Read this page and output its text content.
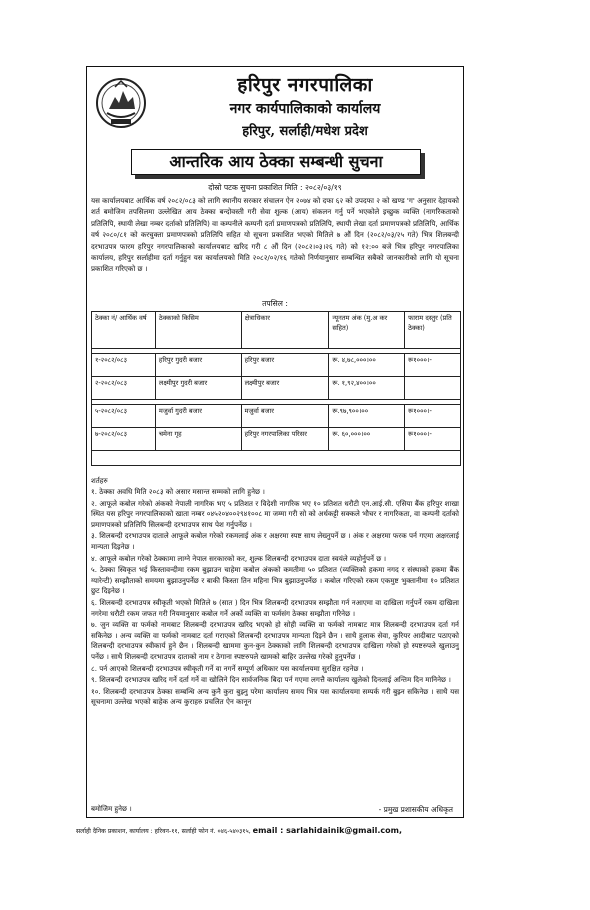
हरिपुर नगरपालिका
नगर कार्यपालिकाको कार्यालय
हरिपुर, सर्लाही/मधेश प्रदेश
आन्तरिक आय ठेक्का सम्बन्धी सुचना
दोस्रो पटक सुचना प्रकाशित मिति : २०८२/०३/१९
यस कार्यालयबाट आर्थिक वर्ष २०८२/०८३ को लागि स्थानीय सरकार संचालन ऐन २०७४ को दफा ६२ को उपदफा २ को खण्ड 'ग' अनुसार देहायको शर्त बमोजिम तपसिलमा उल्लेखित आय ठेक्का बन्दोवस्ती गरी सेवा शुल्क (आय) संकलन गर्नु पर्ने भएकोले इच्छुक व्यक्ति (नागरिकताको प्रतिलिपि, स्थायी लेखा नम्बर दर्ताको प्रतिलिपि) वा कम्पनीले कम्पनी दर्ता प्रमाणपत्रको प्रतिलिपि, स्थायी लेखा दर्ता प्रमाणपत्रको प्रतिलिपि, आर्थिक वर्ष २०८०/८१ को करचुक्ता प्रमाणपत्रको प्रतिलिपि सहित यो सूचना प्रकाशित भएको मितिले ७ औं दिन (२०८२/०३/२५ गते) भित्र शिलबन्दी दरभाउपत्र फारम हरिपुर नगरपालिकाको कार्यालयबाट खरिद गरी ८ औं दिन (२०८२।०३।२६ गते) को १२:०० बजे भित्र हरिपुर नगरपालिका कार्यालय, हरिपुर सर्लाहीमा दर्ता गर्नुहुन यस कार्यालयको मिति २०८२/०२/१६ गतेको निर्णयानुसार सम्बन्धित सबैको जानकारीको लागि यो सूचना प्रकाशित गरिएको छ ।
तपसिल :
ठेक्का नं/ आर्थिक वर्ष	ठेक्काको किसिम	क्षेत्राधिकार	न्यूनतम अंक (मु.अ कर सहित)	फाराम दस्तुर (प्रति ठेक्का)

१-२०८२/०८३	हरिपुर गुदरी बजार	हरिपुर बजार	रू. ४,७८,०००।००	रू१०००।-
२-२०८२/०८३	लक्ष्मीपुर गुदरी बजार	लक्ष्मीपुर बजार	रू. १,९२,४००।००	

५-२०८२/०८३	मजुर्वा गुदरी बजार	मजुर्वा बजार	रू.९७,९००।००	रू१०००।-
७-२०८२/०८३	चमेना गृह	हरिपुर नगरपालिका परिसर	रू. ६०,०००।००	रू१०००।-

शर्तहरु
१. ठेक्का अवधि मिति २०८३ को असार मसान्त सम्मको लागि हुनेछ ।
२. आफूले कबोल गरेको अंकको नेपाली नागरिक भए ५ प्रतिशत र विदेशी नागरिक भए १० प्रतिशत धरौटी एन.आई.सी. एसिया बैंक हरिपुर शाखा स्थित यस हरिपुर नगरपालिकाको खाता नम्बर ०४५२०४००२९४१००८ मा जम्मा गरी सो को अर्धकट्टी सक्कले भौचर र नागरिकता, वा कम्पनी दर्ताको प्रमाणपत्रको प्रतिलिपि सिलबन्दी दरभाउपत्र साथ पेश गर्नुपर्नेछ ।
३. शिलबन्दी दरभाउपत्र दाताले आफूले कबोल गरेको रकमलाई अंक र अक्षरमा स्पष्ट साथ लेख्नुपर्ने छ । अंक र अक्षरमा फरक पर्न गएमा अक्षरलाई मान्यता दिइनेछ ।
४. आफूले कबोल गरेको ठेक्कामा लाग्ने नेपाल सरकारको कर, शुल्क शिलबन्दी दरभाउपत्र दाता स्वयंले व्यहोर्नुपर्ने छ ।
५. ठेक्का स्विकृत भई किस्तावन्दीमा रकम बुझाउन चाहेमा कबोल अंकको कमतीमा ५० प्रतिशत (व्यक्तिको हकमा नगद र संस्थाको हकमा बैंक ग्यारेन्टी) सम्झौताको समयमा बुझाउनुपर्नेछ र बाकी किस्ता तिन महिना भित्र बुझाउनुपर्नेछ । कबोल गरिएको रकम एकमुष्ट भुक्तानीमा १० प्रतिशत छुट दिइनेछ ।
६. शिलबन्दी दरभाउपत्र स्वीकृती भएको मितिले ७ (सात ) दिन भित्र शिलबन्दी दरभाउपत्र सम्झौता गर्न नआएमा वा दाखिला गर्नुपर्ने रकम दाखिला नगरेमा धरौटी रकम जफत गरी नियमानुसार कबोल गर्ने अर्को व्यक्ति वा फर्मसंग ठेक्का सम्झौता गरिनेछ ।
७. जुन व्यक्ति वा फर्मको नामबाट शिलबन्दी दरभाउपत्र खरिद भएको हो सोही व्यक्ति वा फर्मको नामबाट मात्र शिलबन्दी दरभाउपत्र दर्ता गर्न सकिनेछ । अन्य व्यक्ति वा फर्मको नामबाट दर्ता गराएको शिलबन्दी दरभाउपत्र मान्यता दिइने छैन । साथै हुलाक सेवा, कुरियर आदीबाट पठाएको शिलबन्दी दरभाउपत्र स्वीकार्य हुने छैन । शिलबन्दी खाममा कुन-कुन ठेक्काको लागि शिलबन्दी दरभाउपत्र दाखिला गरेको हो स्पष्टरुपले खुलाउनु पर्नेछ । साथै शिलबन्दी दरभाउपत्र दाताको नाम र ठेगाना स्पष्टरुपले खामको बाहिर उल्लेख गरेको हुनुपर्नेछ ।
८. पर्न आएको शिलबन्दी दरभाउपत्र स्वीकृती गर्ने वा नगर्ने सम्पूर्ण अधिकार यस कार्यालयमा सुरक्षित रहनेछ ।
९. शिलबन्दी दरभाउपत्र खरिद गर्ने दर्ता गर्ने वा खोलिने दिन सार्वजनिक बिदा पर्न गएमा लगत्तै कार्यालय खुलेको दिनलाई अन्तिम दिन मानिनेछ ।
१०. शिलबन्दी दरभाउपत्र ठेक्का सम्बन्धि अन्य कुनै कुरा बुझ्नु परेमा कार्यालय समय भित्र यस कार्यालयमा सम्पर्क गरी बुझ्न सकिनेछ । साथै यस सूचनामा उल्लेख भएको बाहेक अन्य कुराहरु प्रचलित ऐन कानून
बमोजिम हुनेछ ।	- प्रमुख प्रशासकीय अधिकृत
सर्लाही दैनिक प्रकाशन, कार्यालय : हरिवन-११, सर्लाही फोन नं. ०४६-५४०३१५, email : sarlahidainik@gmail.com,
